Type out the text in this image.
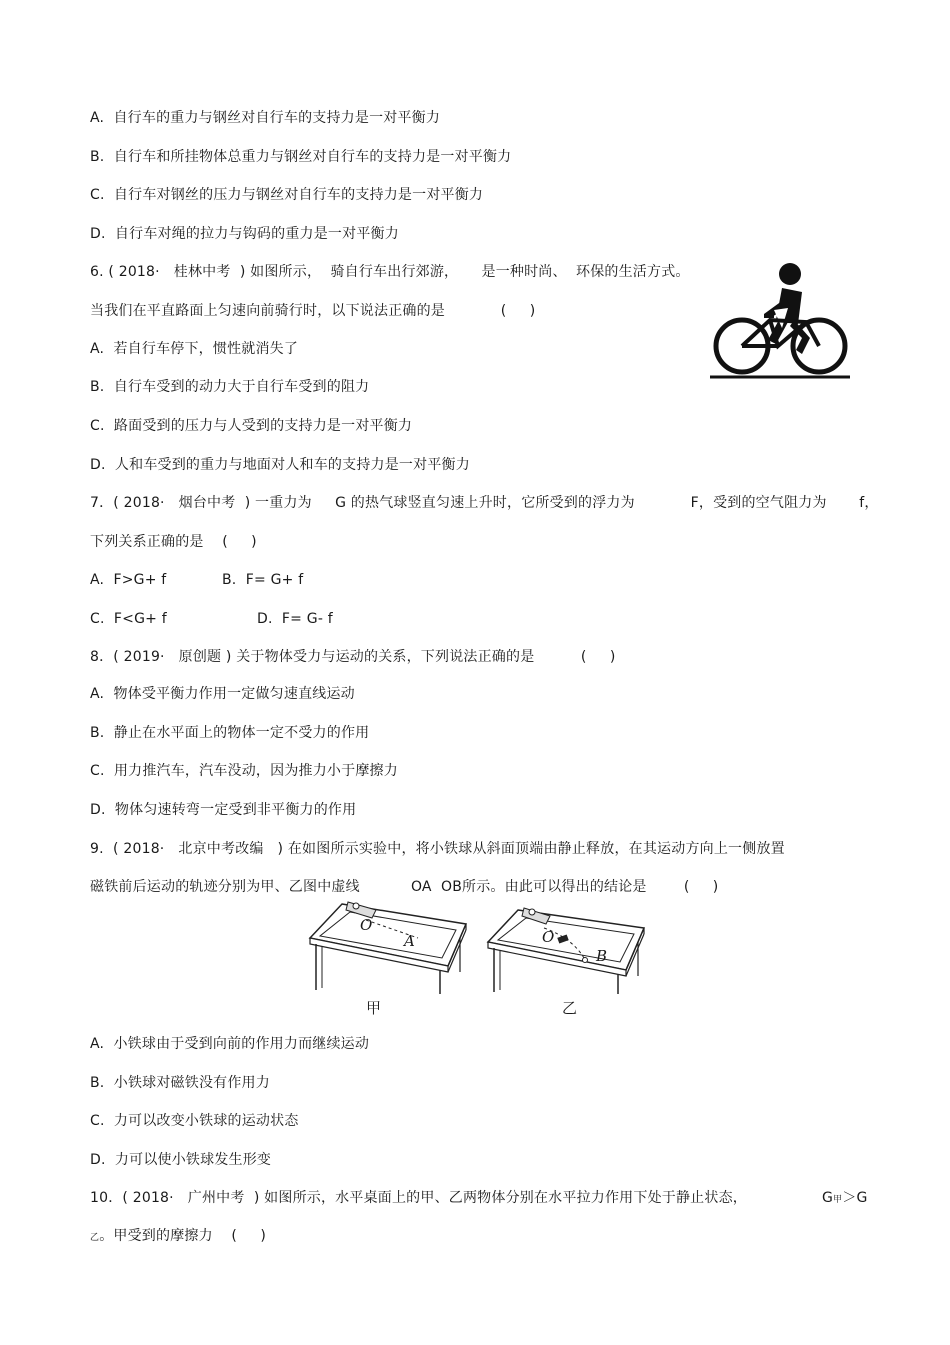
A.  自行车的重力与钢丝对自行车的支持力是一对平衡力
B.  自行车和所挂物体总重力与钢丝对自行车的支持力是一对平衡力
C.  自行车对钢丝的压力与钢丝对自行车的支持力是一对平衡力
D.  自行车对绳的拉力与钩码的重力是一对平衡力
6. ( 2018·   桂林中考  ) 如图所示，  骑自行车出行郊游，     是一种时尚、  环保的生活方式。
当我们在平直路面上匀速向前骑行时，以下说法正确的是            (     )
A.  若自行车停下，惯性就消失了
B.  自行车受到的动力大于自行车受到的阻力
C.  路面受到的压力与人受到的支持力是一对平衡力
D.  人和车受到的重力与地面对人和车的支持力是一对平衡力
7．( 2018·   烟台中考  ) 一重力为     G 的热气球竖直匀速上升时，它所受到的浮力为            F，受到的空气阻力为       f，
下列关系正确的是    (     )
A.  F>G+ f	B.  F= G+ f
C.  F<G+ f	D.  F= G- f
8．( 2019·   原创题 ) 关于物体受力与运动的关系，下列说法正确的是          (     )
A.  物体受平衡力作用一定做匀速直线运动
B.  静止在水平面上的物体一定不受力的作用
C.  用力推汽车，汽车没动，因为推力小于摩擦力
D.  物体匀速转弯一定受到非平衡力的作用
9.  ( 2018·   北京中考改编   ) 在如图所示实验中，将小铁球从斜面顶端由静止释放，在其运动方向上一侧放置
磁铁前后运动的轨迹分别为甲、乙图中虚线           OA  OB所示。由此可以得出的结论是        (     )
O
A
甲
O
B
乙
A.  小铁球由于受到向前的作用力而继续运动
B.  小铁球对磁铁没有作用力
C.  力可以改变小铁球的运动状态
D.  力可以使小铁球发生形变
10．( 2018·   广州中考  ) 如图所示，水平桌面上的甲、乙两物体分别在水平拉力作用下处于静止状态，	G甲＞G
乙。甲受到的摩擦力    (     )
